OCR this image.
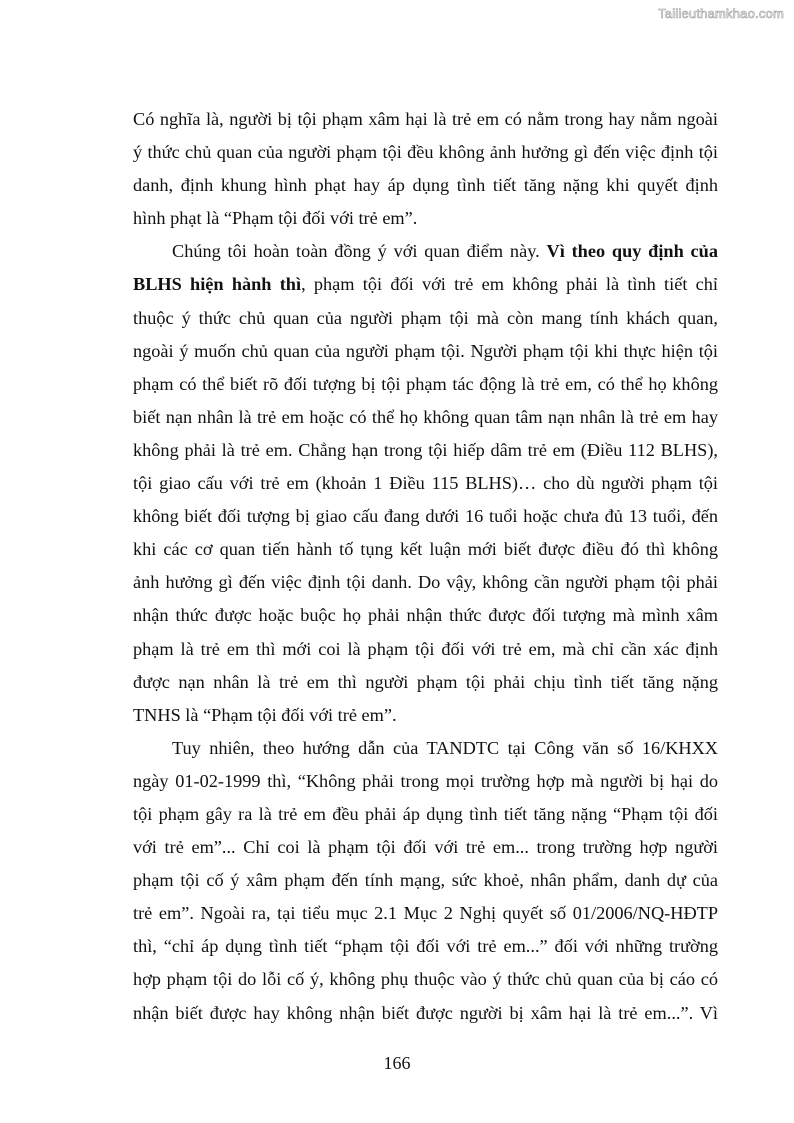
Tailieuthamkhao.com
Có nghĩa là, người bị tội phạm xâm hại là trẻ em có nằm trong hay nằm ngoài
ý thức chủ quan của người phạm tội đều không ảnh hưởng gì đến việc định tội
danh, định khung hình phạt hay áp dụng tình tiết tăng nặng khi quyết định
hình phạt là “Phạm tội đối với trẻ em”.
Chúng tôi hoàn toàn đồng ý với quan điểm này. Vì theo quy định của
BLHS hiện hành thì, phạm tội đối với trẻ em không phải là tình tiết chỉ
thuộc ý thức chủ quan của người phạm tội mà còn mang tính khách quan,
ngoài ý muốn chủ quan của người phạm tội. Người phạm tội khi thực hiện tội
phạm có thể biết rõ đối tượng bị tội phạm tác động là trẻ em, có thể họ không
biết nạn nhân là trẻ em hoặc có thể họ không quan tâm nạn nhân là trẻ em hay
không phải là trẻ em. Chẳng hạn trong tội hiếp dâm trẻ em (Điều 112 BLHS),
tội giao cấu với trẻ em (khoản 1 Điều 115 BLHS)… cho dù người phạm tội
không biết đối tượng bị giao cấu đang dưới 16 tuổi hoặc chưa đủ 13 tuổi, đến
khi các cơ quan tiến hành tố tụng kết luận mới biết được điều đó thì không
ảnh hưởng gì đến việc định tội danh. Do vậy, không cần người phạm tội phải
nhận thức được hoặc buộc họ phải nhận thức được đối tượng mà mình xâm
phạm là trẻ em thì mới coi là phạm tội đối với trẻ em, mà chỉ cần xác định
được nạn nhân là trẻ em thì người phạm tội phải chịu tình tiết tăng nặng
TNHS là “Phạm tội đối với trẻ em”.
Tuy nhiên, theo hướng dẫn của TANDTC tại Công văn số 16/KHXX
ngày 01-02-1999 thì, “Không phải trong mọi trường hợp mà người bị hại do
tội phạm gây ra là trẻ em đều phải áp dụng tình tiết tăng nặng “Phạm tội đối
với trẻ em”... Chỉ coi là phạm tội đối với trẻ em... trong trường hợp người
phạm tội cố ý xâm phạm đến tính mạng, sức khoẻ, nhân phẩm, danh dự của
trẻ em”. Ngoài ra, tại tiểu mục 2.1 Mục 2 Nghị quyết số 01/2006/NQ-HĐTP
thì, “chỉ áp dụng tình tiết “phạm tội đối với trẻ em...” đối với những trường
hợp phạm tội do lỗi cố ý, không phụ thuộc vào ý thức chủ quan của bị cáo có
nhận biết được hay không nhận biết được người bị xâm hại là trẻ em...”. Vì
166
